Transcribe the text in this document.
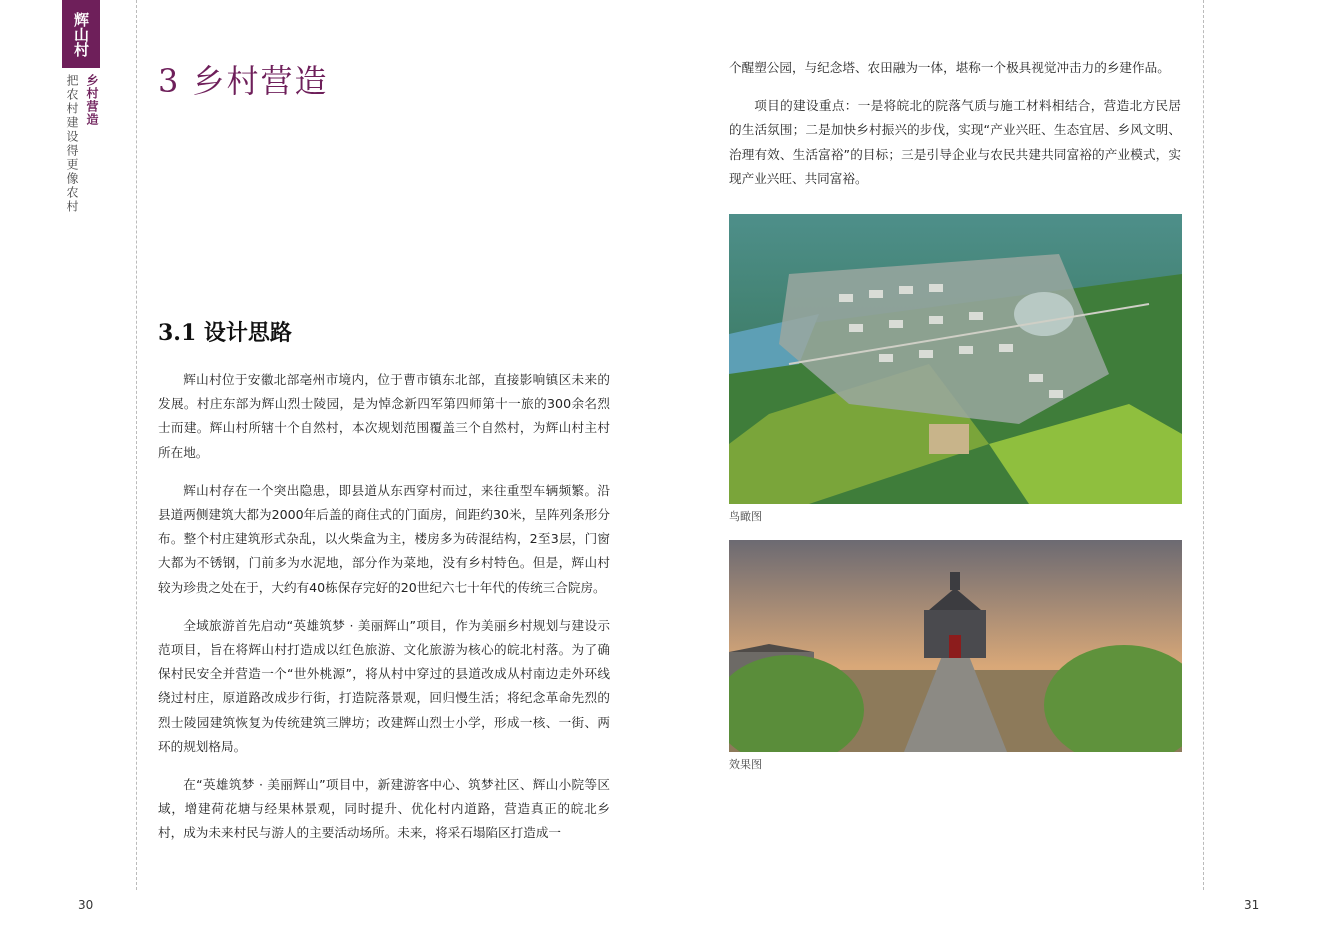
辉山村
乡村营造
把农村建设得更像农村 3 乡村营造
3.1 设计思路

辉山村位于安徽北部亳州市境内，位于曹市镇东北部，直接影响镇区未来的发展。村庄东部为辉山烈士陵园，是为悼念新四军第四师第十一旅的300余名烈士而建。辉山村所辖十个自然村，本次规划范围覆盖三个自然村，为辉山村主村所在地。

辉山村存在一个突出隐患，即县道从东西穿村而过，来往重型车辆频繁。沿县道两侧建筑大都为2000年后盖的商住式的门面房，间距约30米，呈阵列条形分布。整个村庄建筑形式杂乱，以火柴盒为主，楼房多为砖混结构，2至3层，门窗大都为不锈钢，门前多为水泥地，部分作为菜地，没有乡村特色。但是，辉山村较为珍贵之处在于，大约有40栋保存完好的20世纪六七十年代的传统三合院房。

全域旅游首先启动“英雄筑梦 · 美丽辉山”项目，作为美丽乡村规划与建设示范项目，旨在将辉山村打造成以红色旅游、文化旅游为核心的皖北村落。为了确保村民安全并营造一个“世外桃源”，将从村中穿过的县道改成从村南边走外环线绕过村庄，原道路改成步行街，打造院落景观，回归慢生活；将纪念革命先烈的烈士陵园建筑恢复为传统建筑三牌坊；改建辉山烈士小学，形成一核、一街、两环的规划格局。

在“英雄筑梦 · 美丽辉山”项目中，新建游客中心、筑梦社区、辉山小院等区域，增建荷花塘与经果林景观，同时提升、优化村内道路，营造真正的皖北乡村，成为未来村民与游人的主要活动场所。未来，将采石塌陷区打造成一

个醒塑公园，与纪念塔、农田融为一体，堪称一个极具视觉冲击力的乡建作品。

项目的建设重点：一是将皖北的院落气质与施工材料相结合，营造北方民居的生活氛围；二是加快乡村振兴的步伐，实现“产业兴旺、生态宜居、乡风文明、治理有效、生活富裕”的目标；三是引导企业与农民共建共同富裕的产业模式，实现产业兴旺、共同富裕。

鸟瞰图
效果图
30	31
